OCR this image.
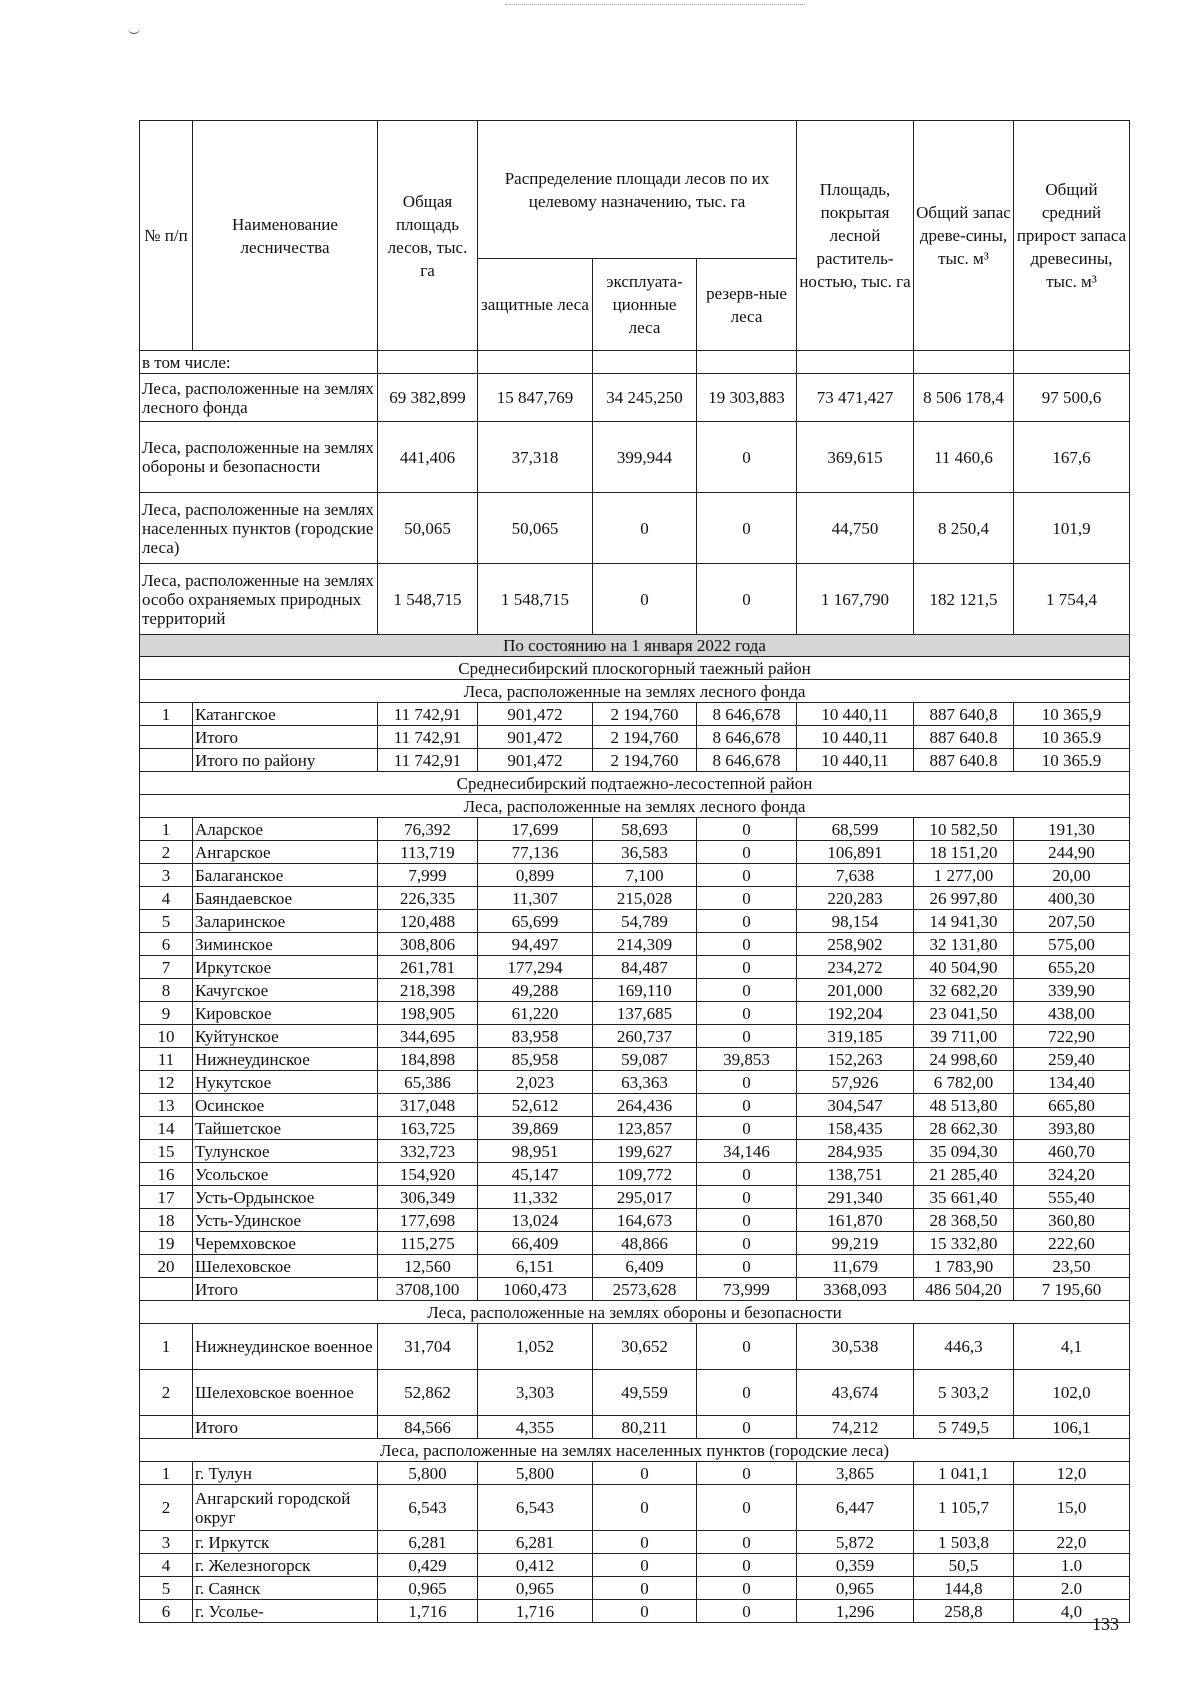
№ п/п	Наименование лесничества	Общая площадь лесов, тыс. га	Распределение площади лесов по их целевому назначению, тыс. га			Площадь, покрытая лесной раститель-ностью, тыс. га	Общий запас древе-сины, тыс. м³	Общий средний прирост запаса древесины, тыс. м³
			защитные леса	эксплуата-ционные леса	резерв-ные леса			
в том числе:								
Леса, расположенные на землях лесного фонда		69 382,899	15 847,769	34 245,250	19 303,883	73 471,427	8 506 178,4	97 500,6
Леса, расположенные на землях обороны и безопасности		441,406	37,318	399,944	0	369,615	11 460,6	167,6
Леса, расположенные на землях населенных пунктов (городские леса)		50,065	50,065	0	0	44,750	8 250,4	101,9
Леса, расположенные на землях особо охраняемых природных территорий		1 548,715	1 548,715	0	0	1 167,790	182 121,5	1 754,4
По состоянию на 1 января 2022 года								
Среднесибирский плоскогорный таежный район								
Леса, расположенные на землях лесного фонда								
1	Катангское	11 742,91	901,472	2 194,760	8 646,678	10 440,11	887 640,8	10 365,9
	Итого	11 742,91	901,472	2 194,760	8 646,678	10 440,11	887 640.8	10 365.9
	Итого по району	11 742,91	901,472	2 194,760	8 646,678	10 440,11	887 640.8	10 365.9
Среднесибирский подтаежно-лесостепной район								
Леса, расположенные на землях лесного фонда								
1	Аларское	76,392	17,699	58,693	0	68,599	10 582,50	191,30
2	Ангарское	113,719	77,136	36,583	0	106,891	18 151,20	244,90
3	Балаганское	7,999	0,899	7,100	0	7,638	1 277,00	20,00
4	Баяндаевское	226,335	11,307	215,028	0	220,283	26 997,80	400,30
5	Заларинское	120,488	65,699	54,789	0	98,154	14 941,30	207,50
6	Зиминское	308,806	94,497	214,309	0	258,902	32 131,80	575,00
7	Иркутское	261,781	177,294	84,487	0	234,272	40 504,90	655,20
8	Качугское	218,398	49,288	169,110	0	201,000	32 682,20	339,90
9	Кировское	198,905	61,220	137,685	0	192,204	23 041,50	438,00
10	Куйтунское	344,695	83,958	260,737	0	319,185	39 711,00	722,90
11	Нижнеудинское	184,898	85,958	59,087	39,853	152,263	24 998,60	259,40
12	Нукутское	65,386	2,023	63,363	0	57,926	6 782,00	134,40
13	Осинское	317,048	52,612	264,436	0	304,547	48 513,80	665,80
14	Тайшетское	163,725	39,869	123,857	0	158,435	28 662,30	393,80
15	Тулунское	332,723	98,951	199,627	34,146	284,935	35 094,30	460,70
16	Усольское	154,920	45,147	109,772	0	138,751	21 285,40	324,20
17	Усть-Ордынское	306,349	11,332	295,017	0	291,340	35 661,40	555,40
18	Усть-Удинское	177,698	13,024	164,673	0	161,870	28 368,50	360,80
19	Черемховское	115,275	66,409	48,866	0	99,219	15 332,80	222,60
20	Шелеховское	12,560	6,151	6,409	0	11,679	1 783,90	23,50
	Итого	3708,100	1060,473	2573,628	73,999	3368,093	486 504,20	7 195,60
Леса, расположенные на землях обороны и безопасности								
1	Нижнеудинское военное	31,704	1,052	30,652	0	30,538	446,3	4,1
2	Шелеховское военное	52,862	3,303	49,559	0	43,674	5 303,2	102,0
	Итого	84,566	4,355	80,211	0	74,212	5 749,5	106,1
Леса, расположенные на землях населенных пунктов (городские леса)								
1	г. Тулун	5,800	5,800	0	0	3,865	1 041,1	12,0
2	Ангарский городской округ	6,543	6,543	0	0	6,447	1 105,7	15,0
3	г. Иркутск	6,281	6,281	0	0	5,872	1 503,8	22,0
4	г. Железногорск	0,429	0,412	0	0	0,359	50,5	1.0
5	г. Саянск	0,965	0,965	0	0	0,965	144,8	2.0
6	г. Усолье-	1,716	1,716	0	0	1,296	258,8	4,0
133
